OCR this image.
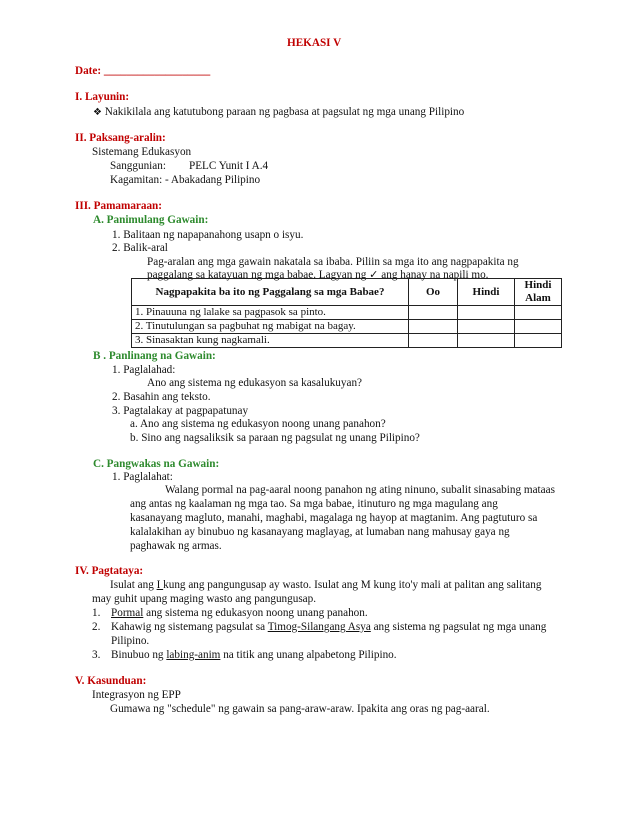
HEKASI V
Date: ___________________
I. Layunin:
❖ Nakikilala ang katutubong paraan ng pagbasa at pagsulat ng mga unang Pilipino
II. Paksang-aralin:
Sistemang Edukasyon
Sanggunian: PELC Yunit I A.4
Kagamitan: - Abakadang Pilipino
III. Pamamaraan:
A. Panimulang Gawain:
1. Balitaan ng napapanahong usapn o isyu.
2. Balik-aral
Pag-aralan ang mga gawain nakatala sa ibaba. Piliin sa mga ito ang nagpapakita ng
paggalang sa katayuan ng mga babae. Lagyan ng ✓ ang hanay na napili mo.
Nagpapakita ba ito ng Paggalang sa mga Babae?	Oo	Hindi	Hindi Alam
1. Pinauuna ng lalake sa pagpasok sa pinto.			
2. Tinutulungan sa pagbuhat ng mabigat na bagay.			
3. Sinasaktan kung nagkamali.			
B . Panlinang na Gawain:
1. Paglalahad:
Ano ang sistema ng edukasyon sa kasalukuyan?
2. Basahin ang teksto.
3. Pagtalakay at pagpapatunay
a. Ano ang sistema ng edukasyon noong unang panahon?
b. Sino ang nagsaliksik sa paraan ng pagsulat ng unang Pilipino?
C. Pangwakas na Gawain:
1. Paglalahat:
Walang pormal na pag-aaral noong panahon ng ating ninuno, subalit sinasabing mataas
ang antas ng kaalaman ng mga tao. Sa mga babae, itinuturo ng mga magulang ang
kasanayang magluto, manahi, maghabi, magalaga ng hayop at magtanim. Ang pagtuturo sa
kalalakihan ay binubuo ng kasanayang maglayag, at lumaban nang mahusay gaya ng
paghawak ng armas.
IV. Pagtataya:
Isulat ang I kung ang pangungusap ay wasto. Isulat ang M kung ito'y mali at palitan ang salitang
may guhit upang maging wasto ang pangungusap.
1. Pormal ang sistema ng edukasyon noong unang panahon.
2. Kahawig ng sistemang pagsulat sa Timog-Silangang Asya ang sistema ng pagsulat ng mga unang
Pilipino.
3. Binubuo ng labing-anim na titik ang unang alpabetong Pilipino.
V. Kasunduan:
Integrasyon ng EPP
Gumawa ng "schedule" ng gawain sa pang-araw-araw. Ipakita ang oras ng pag-aaral.
